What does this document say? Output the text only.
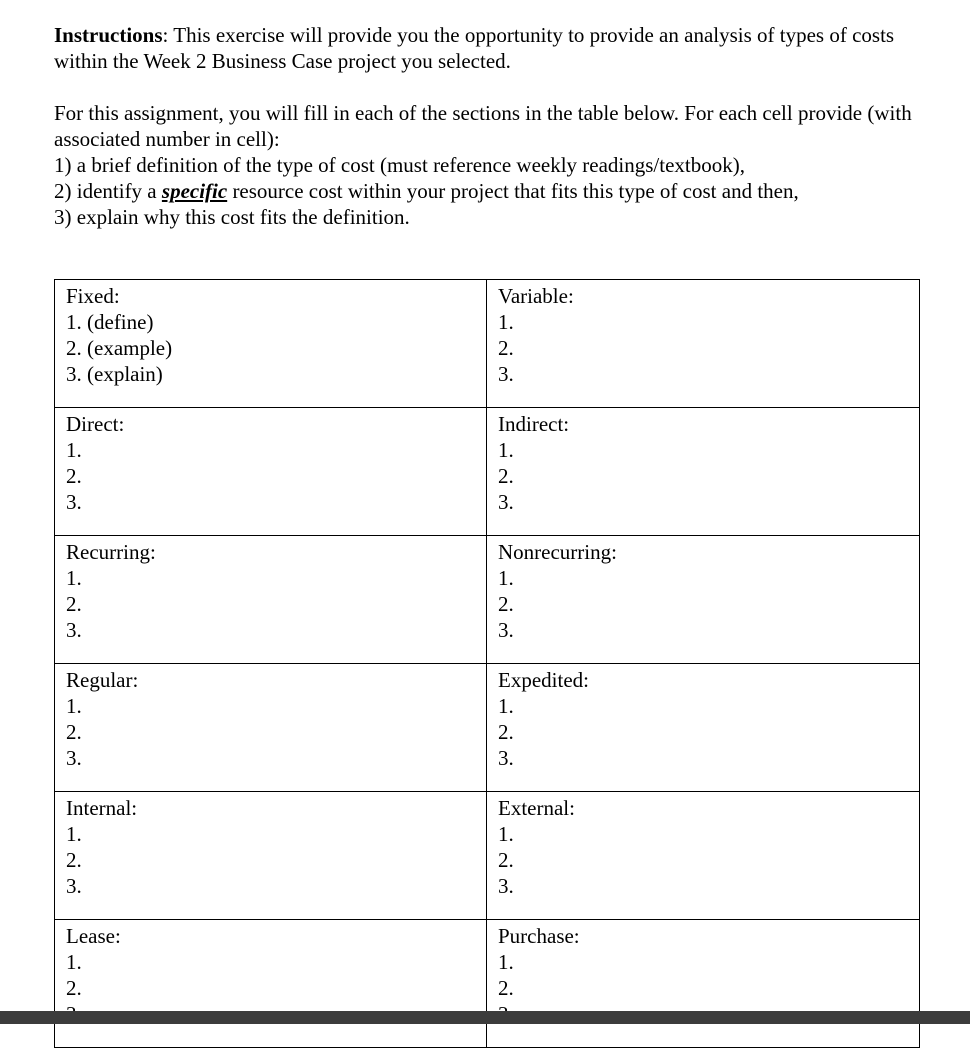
Instructions: This exercise will provide you the opportunity to provide an analysis of types of costs within the Week 2 Business Case project you selected.

For this assignment, you will fill in each of the sections in the table below. For each cell provide (with associated number in cell):
1) a brief definition of the type of cost (must reference weekly readings/textbook),
2) identify a specific resource cost within your project that fits this type of cost and then,
3) explain why this cost fits the definition.

Fixed:
1. (define)
2. (example)
3. (explain)	Variable:
1.
2.
3.

Direct:
1.
2.
3.	Indirect:
1.
2.
3.

Recurring:
1.
2.
3.	Nonrecurring:
1.
2.
3.

Regular:
1.
2.
3.	Expedited:
1.
2.
3.

Internal:
1.
2.
3.	External:
1.
2.
3.

Lease:
1.
2.	Purchase:
1.
2.
